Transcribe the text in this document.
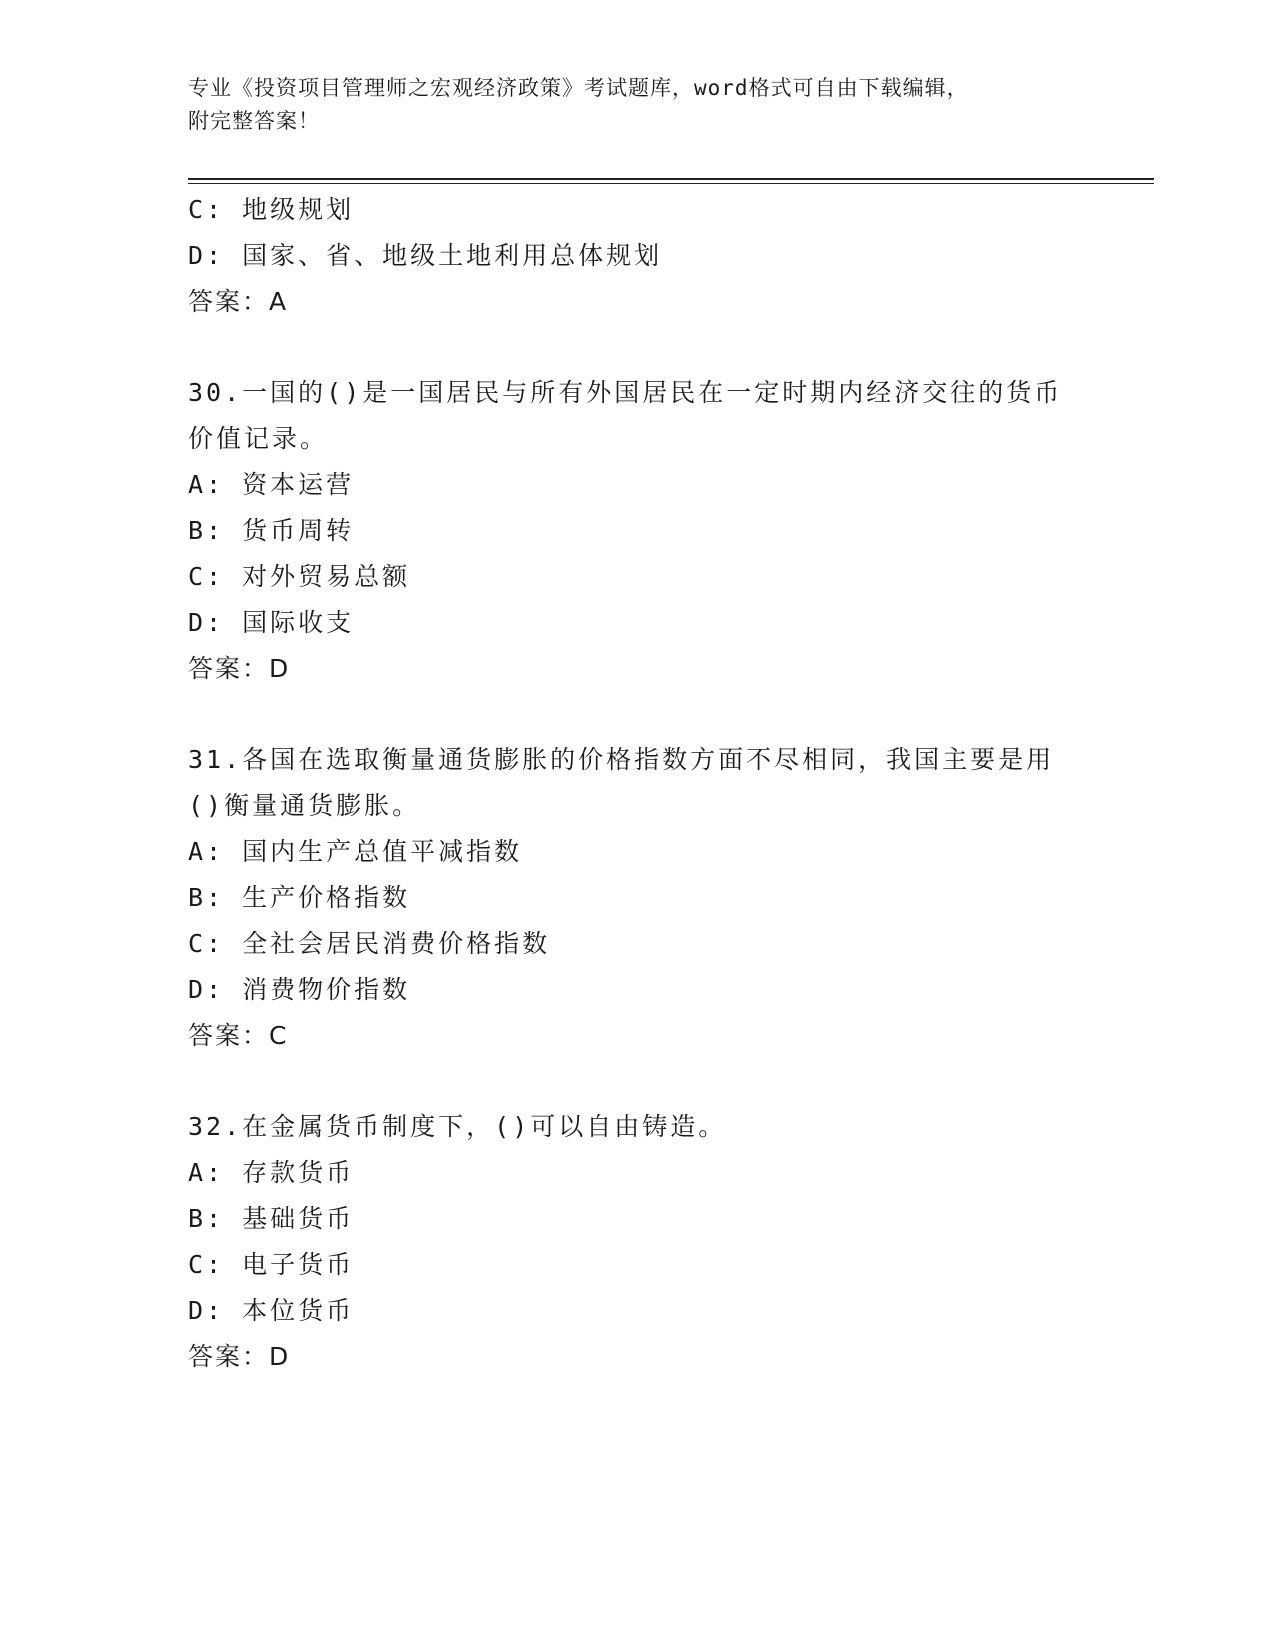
专业《投资项目管理师之宏观经济政策》考试题库，word格式可自由下载编辑，
附完整答案！
C: 地级规划
D: 国家、省、地级土地利用总体规划
答案：A
30.一国的()是一国居民与所有外国居民在一定时期内经济交往的货币
价值记录。
A: 资本运营
B: 货币周转
C: 对外贸易总额
D: 国际收支
答案：D
31.各国在选取衡量通货膨胀的价格指数方面不尽相同，我国主要是用
()衡量通货膨胀。
A: 国内生产总值平减指数
B: 生产价格指数
C: 全社会居民消费价格指数
D: 消费物价指数
答案：C
32.在金属货币制度下，()可以自由铸造。
A: 存款货币
B: 基础货币
C: 电子货币
D: 本位货币
答案：D
